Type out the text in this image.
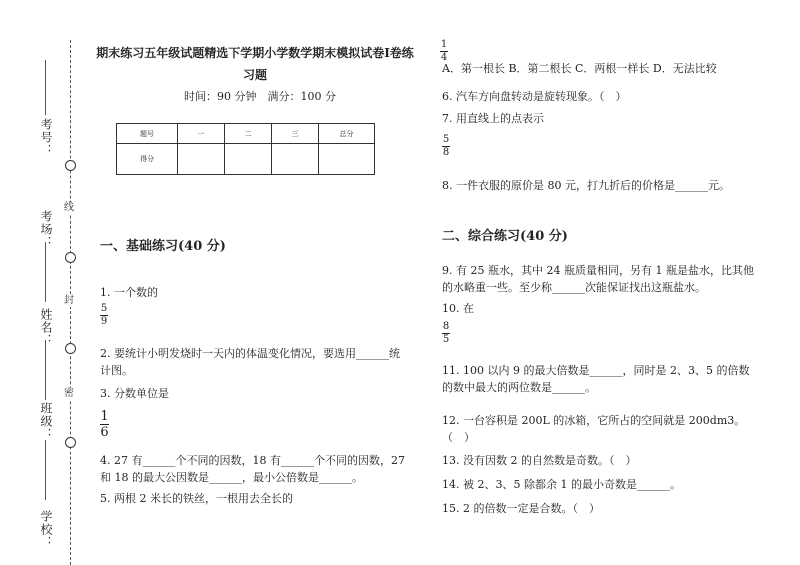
线
封
密
考号：
考场：
姓名：
班级：
学校：
期末练习五年级试题精选下学期小学数学期末模拟试卷Ⅰ卷练习题
时间：90 分钟　满分：100 分
题号	一	二	三	总分
得分				
一、基础练习(40 分)
1. 一个数的
5
9
2. 要统计小明发烧时一天内的体温变化情况，要选用______统计图。
3. 分数单位是
1
6
4. 27 有______个不同的因数，18 有______个不同的因数，27 和 18 的最大公因数是______，最小公倍数是______。
5. 两根 2 米长的铁丝，一根用去全长的
1
4
A．第一根长 B．第二根长 C．两根一样长 D．无法比较
6. 汽车方向盘转动是旋转现象。（　）
7. 用直线上的点表示
5
8
8. 一件衣服的原价是 80 元，打九折后的价格是______元。
二、综合练习(40 分)
9. 有 25 瓶水，其中 24 瓶质量相同，另有 1 瓶是盐水，比其他的水略重一些。至少称______次能保证找出这瓶盐水。
10. 在
8
5
11. 100 以内 9 的最大倍数是______，同时是 2、3、5 的倍数的数中最大的两位数是______。
12. 一台容积是 200L 的冰箱，它所占的空间就是 200dm3。（　）
13. 没有因数 2 的自然数是奇数。（　）
14. 被 2、3、5 除都余 1 的最小奇数是______。
15. 2 的倍数一定是合数。（　）
